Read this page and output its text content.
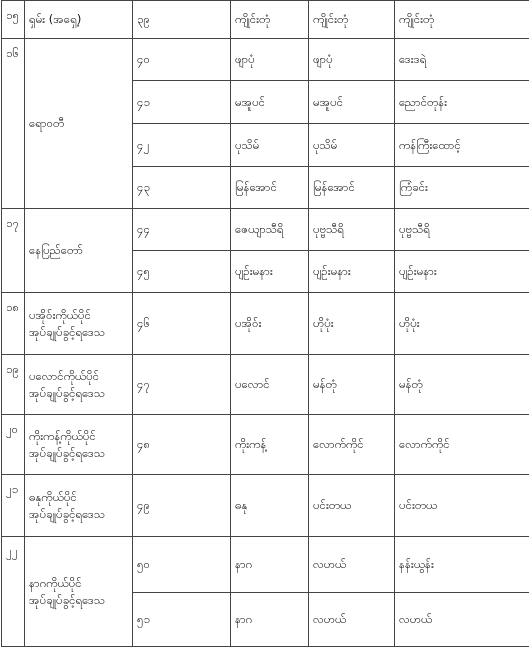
၁၅	ရှမ်း (အရှေ့)	၃၉	ကျိုင်းတုံ	ကျိုင်းတုံ	ကျိုင်းတုံ	
၁၆	ရောဝတီ	၄၀	ဖျာပုံ	ဖျာပုံ	ဒေးဒရဲ	
		၄၁	မအူပင်	မအူပင်	ညောင်တုန်း	
		၄၂	ပုသိမ်	ပုသိမ်	ကန်ကြီးထောင့်	
		၄၃	မြန်အောင်	မြန်အောင်	ကြံခင်း	
၁၇	နေပြည်တော်	၄၄	ဇေယျာသီရိ	ပုဗ္ဗသီရိ	ပုဗ္ဗသီရိ	
		၄၅	ပျဉ်းမနား	ပျဉ်းမနား	ပျဉ်းမနား	
၁၈	ပအိုဝ်းကိုယ်ပိုင်
အုပ်ချုပ်ခွင့်ရဒေသ	၄၆	ပအိုဝ်း	ဟိုပုံး	ဟိုပုံး	
၁၉	ပလောင်ကိုယ်ပိုင်
အုပ်ချုပ်ခွင့်ရဒေသ	၄၇	ပလောင်	မန်တုံ	မန်တုံ	
၂၀	ကိုးကန့်ကိုယ်ပိုင်
အုပ်ချုပ်ခွင့်ရဒေသ	၄၈	ကိုးကန့်	လောက်ကိုင်	လောက်ကိုင်	
၂၁	ဓနုကိုယ်ပိုင်
အုပ်ချုပ်ခွင့်ရဒေသ	၄၉	ဓနု	ပင်းတယ	ပင်းတယ	
၂၂	နာဂကိုယ်ပိုင်
အုပ်ချုပ်ခွင့်ရဒေသ	၅၀	နာဂ	လဟယ်	နန်းယွန်း	
		၅၁	နာဂ	လဟယ်	လဟယ်	
